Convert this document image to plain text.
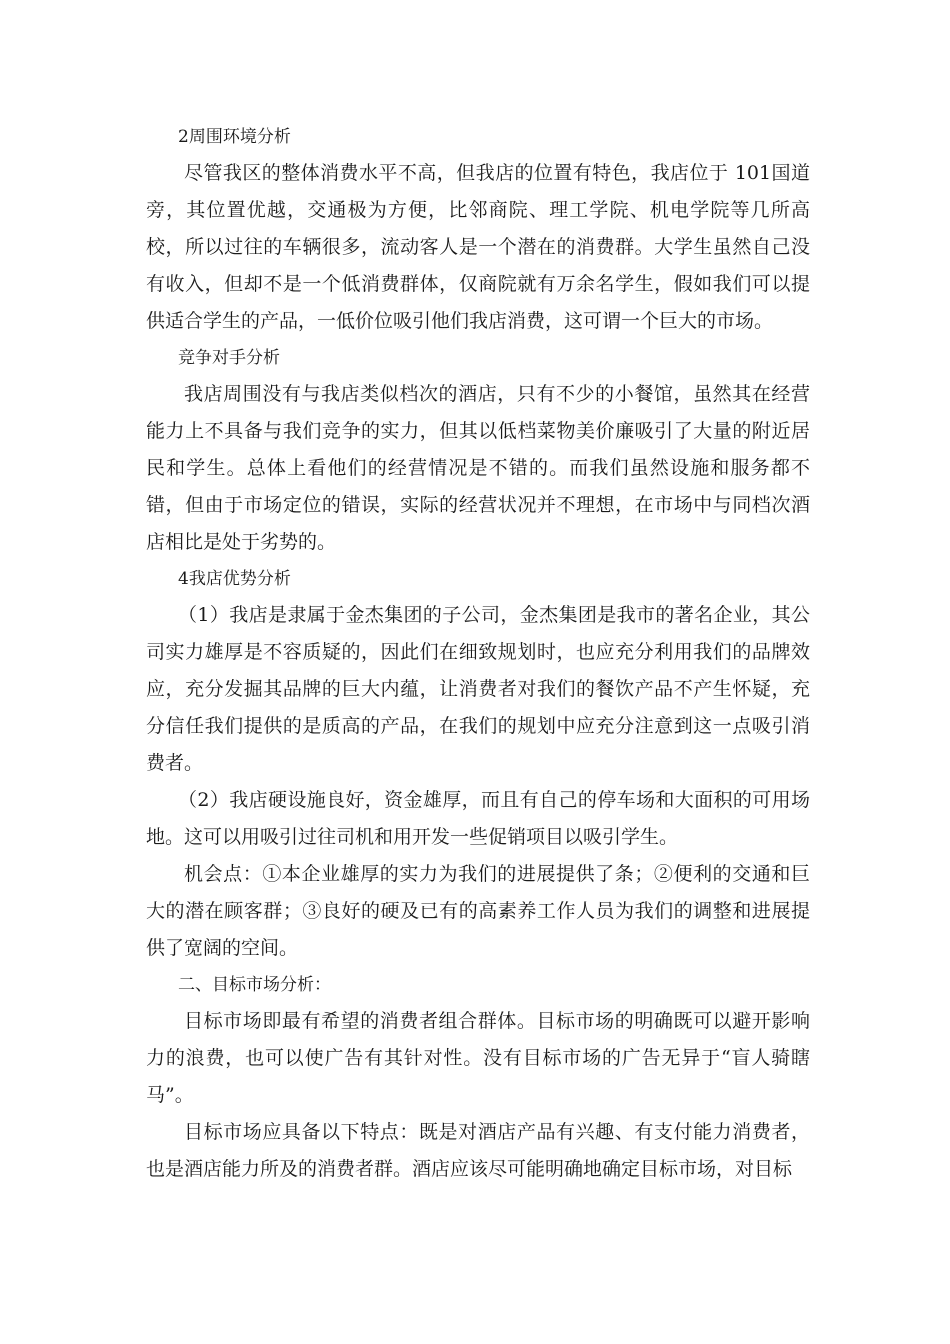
2周围环境分析

尽管我区的整体消费水平不高，但我店的位置有特色，我店位于 101国道旁，其位置优越，交通极为方便，比邻商院、理工学院、机电学院等几所高校，所以过往的车辆很多，流动客人是一个潜在的消费群。大学生虽然自己没有收入，但却不是一个低消费群体，仅商院就有万余名学生，假如我们可以提供适合学生的产品，一低价位吸引他们我店消费，这可谓一个巨大的市场。

竞争对手分析

我店周围没有与我店类似档次的酒店，只有不少的小餐馆，虽然其在经营能力上不具备与我们竞争的实力，但其以低档菜物美价廉吸引了大量的附近居民和学生。总体上看他们的经营情况是不错的。而我们虽然设施和服务都不错，但由于市场定位的错误，实际的经营状况并不理想，在市场中与同档次酒店相比是处于劣势的。

4我店优势分析

（1）我店是隶属于金杰集团的子公司，金杰集团是我市的著名企业，其公司实力雄厚是不容质疑的，因此们在细致规划时，也应充分利用我们的品牌效应，充分发掘其品牌的巨大内蕴，让消费者对我们的餐饮产品不产生怀疑，充分信任我们提供的是质高的产品，在我们的规划中应充分注意到这一点吸引消费者。

（2）我店硬设施良好，资金雄厚，而且有自己的停车场和大面积的可用场地。这可以用吸引过往司机和用开发一些促销项目以吸引学生。

机会点：①本企业雄厚的实力为我们的进展提供了条；②便利的交通和巨大的潜在顾客群；③良好的硬及已有的高素养工作人员为我们的调整和进展提供了宽阔的空间。

二、目标市场分析：

目标市场即最有希望的消费者组合群体。目标市场的明确既可以避开影响力的浪费，也可以使广告有其针对性。没有目标市场的广告无异于“盲人骑瞎马”。

目标市场应具备以下特点：既是对酒店产品有兴趣、有支付能力消费者，也是酒店能力所及的消费者群。酒店应该尽可能明确地确定目标市场，对目标
